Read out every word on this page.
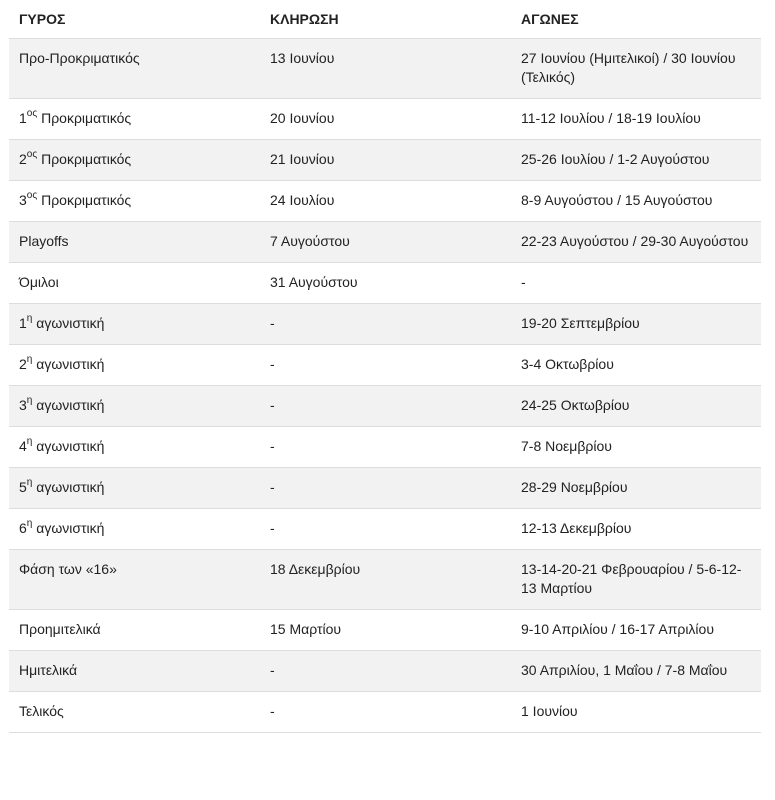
ΓΥΡΟΣ	ΚΛΗΡΩΣΗ	ΑΓΩΝΕΣ
Προ-Προκριματικός	13 Ιουνίου	27 Ιουνίου (Ημιτελικοί) / 30 Ιουνίου (Τελικός)
$1^{o\varsigma}$ Προκριματικός	20 Ιουνίου	11-12 Ιουλίου / 18-19 Ιουλίου
$2^{o\varsigma}$ Προκριματικός	21 Ιουνίου	25-26 Ιουλίου / 1-2 Αυγούστου
$3^{o\varsigma}$ Προκριματικός	24 Ιουλίου	8-9 Αυγούστου / 15 Αυγούστου
Playoffs	7 Αυγούστου	22-23 Αυγούστου / 29-30 Αυγούστου
Όμιλοι	31 Αυγούστου	-
$1^\eta$ αγωνιστική	-	19-20 Σεπτεμβρίου
$2^\eta$ αγωνιστική	-	3-4 Οκτωβρίου
$3^\eta$ αγωνιστική	-	24-25 Οκτωβρίου
$4^\eta$ αγωνιστική	-	7-8 Νοεμβρίου
$5^\eta$ αγωνιστική	-	28-29 Νοεμβρίου
$6^\eta$ αγωνιστική	-	12-13 Δεκεμβρίου
Φάση των «16»	18 Δεκεμβρίου	13-14-20-21 Φεβρουαρίου / 5-6-12-13 Μαρτίου
Προημιτελικά	15 Μαρτίου	9-10 Απριλίου / 16-17 Απριλίου
Ημιτελικά	-	30 Απριλίου, 1 Μαΐου / 7-8 Μαΐου
Τελικός	-	1 Ιουνίου
